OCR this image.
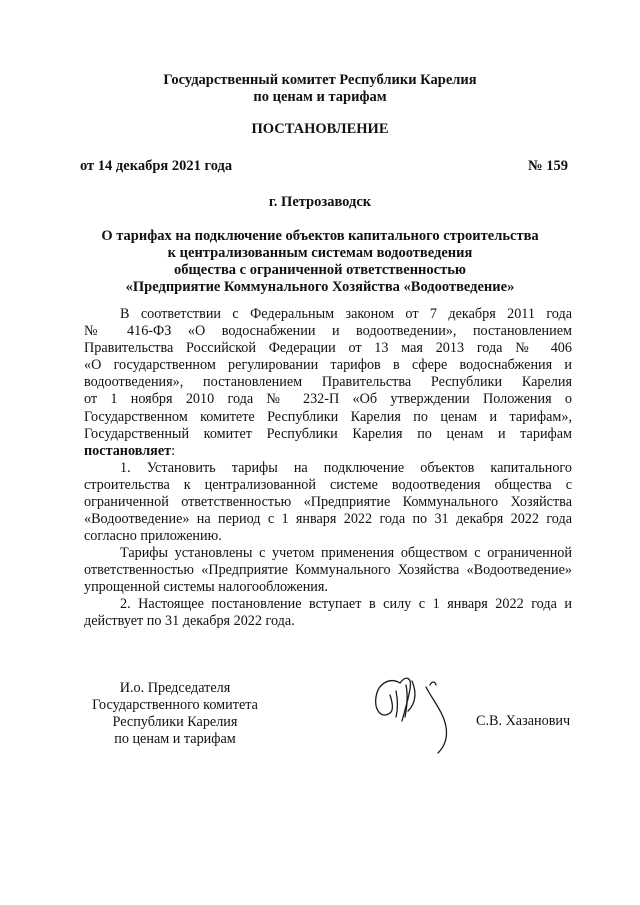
Государственный комитет Республики Карелия
по ценам и тарифам
ПОСТАНОВЛЕНИЕ
от 14 декабря 2021 года	№ 159
г. Петрозаводск
О тарифах на подключение объектов капитального строительства
к централизованным системам водоотведения
общества с ограниченной ответственностью
«Предприятие Коммунального Хозяйства «Водоотведение»
В соответствии с Федеральным законом от 7 декабря 2011 года
№ 416-ФЗ «О водоснабжении и водоотведении», постановлением
Правительства Российской Федерации от 13 мая 2013 года № 406
«О государственном регулировании тарифов в сфере водоснабжения и
водоотведения», постановлением Правительства Республики Карелия
от 1 ноября 2010 года № 232-П «Об утверждении Положения о
Государственном комитете Республики Карелия по ценам и тарифам»,
Государственный комитет Республики Карелия по ценам и тарифам
постановляет:
1. Установить тарифы на подключение объектов капитального
строительства к централизованной системе водоотведения общества с
ограниченной ответственностью «Предприятие Коммунального Хозяйства
«Водоотведение» на период с 1 января 2022 года по 31 декабря 2022 года
согласно приложению.
Тарифы установлены с учетом применения обществом с ограниченной
ответственностью «Предприятие Коммунального Хозяйства «Водоотведение»
упрощенной системы налогообложения.
2. Настоящее постановление вступает в силу с 1 января 2022 года и
действует по 31 декабря 2022 года.
И.о. Председателя
Государственного комитета
Республики Карелия
по ценам и тарифам
С.В. Хазанович
